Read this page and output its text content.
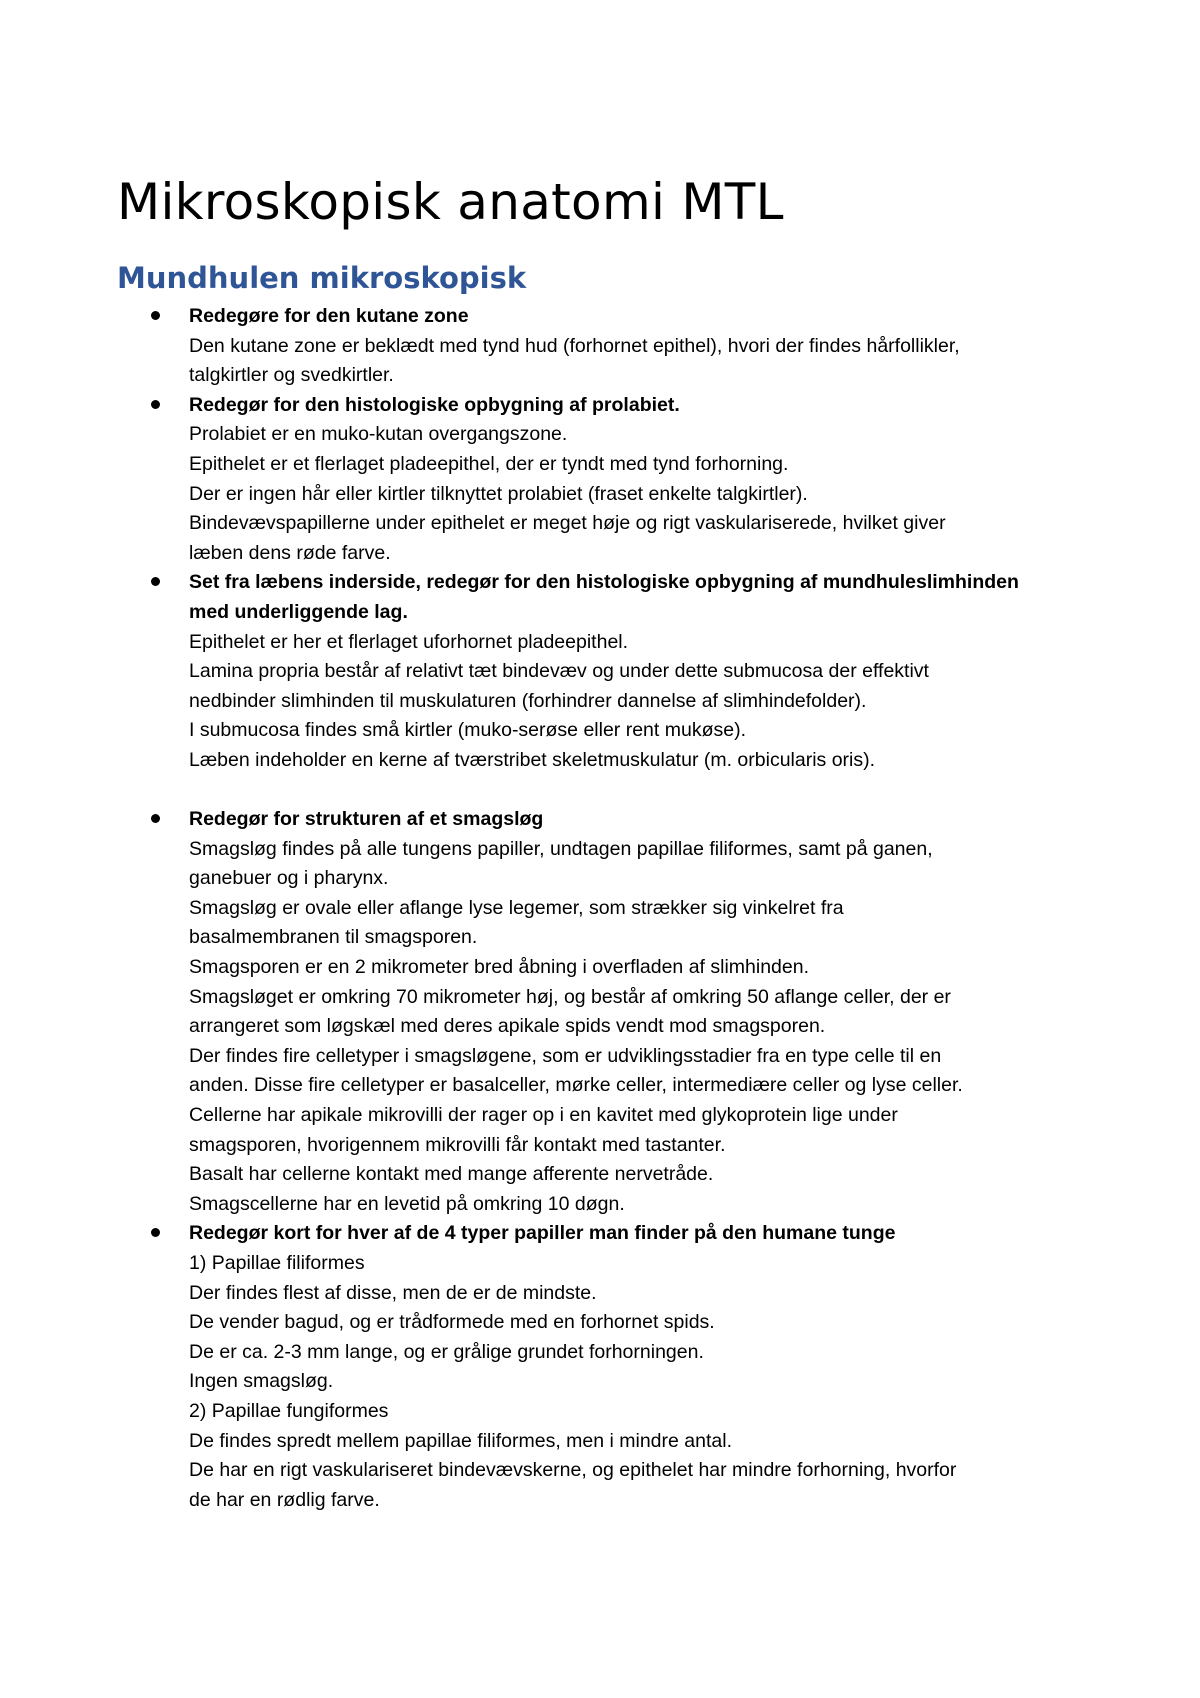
Mikroskopisk anatomi MTL
Mundhulen mikroskopisk
Redegøre for den kutane zone
Den kutane zone er beklædt med tynd hud (forhornet epithel), hvori der findes hårfollikler,
talgkirtler og svedkirtler.
Redegør for den histologiske opbygning af prolabiet.
Prolabiet er en muko-kutan overgangszone.
Epithelet er et flerlaget pladeepithel, der er tyndt med tynd forhorning.
Der er ingen hår eller kirtler tilknyttet prolabiet (fraset enkelte talgkirtler).
Bindevævspapillerne under epithelet er meget høje og rigt vaskulariserede, hvilket giver
læben dens røde farve.
Set fra læbens inderside, redegør for den histologiske opbygning af mundhuleslimhinden
med underliggende lag.
Epithelet er her et flerlaget uforhornet pladeepithel.
Lamina propria består af relativt tæt bindevæv og under dette submucosa der effektivt
nedbinder slimhinden til muskulaturen (forhindrer dannelse af slimhindefolder).
I submucosa findes små kirtler (muko-serøse eller rent mukøse).
Læben indeholder en kerne af tværstribet skeletmuskulatur (m. orbicularis oris).
Redegør for strukturen af et smagsløg
Smagsløg findes på alle tungens papiller, undtagen papillae filiformes, samt på ganen,
ganebuer og i pharynx.
Smagsløg er ovale eller aflange lyse legemer, som strækker sig vinkelret fra
basalmembranen til smagsporen.
Smagsporen er en 2 mikrometer bred åbning i overfladen af slimhinden.
Smagsløget er omkring 70 mikrometer høj, og består af omkring 50 aflange celler, der er
arrangeret som løgskæl med deres apikale spids vendt mod smagsporen.
Der findes fire celletyper i smagsløgene, som er udviklingsstadier fra en type celle til en
anden. Disse fire celletyper er basalceller, mørke celler, intermediære celler og lyse celler.
Cellerne har apikale mikrovilli der rager op i en kavitet med glykoprotein lige under
smagsporen, hvorigennem mikrovilli får kontakt med tastanter.
Basalt har cellerne kontakt med mange afferente nervetråde.
Smagscellerne har en levetid på omkring 10 døgn.
Redegør kort for hver af de 4 typer papiller man finder på den humane tunge
1) Papillae filiformes
Der findes flest af disse, men de er de mindste.
De vender bagud, og er trådformede med en forhornet spids.
De er ca. 2-3 mm lange, og er grålige grundet forhorningen.
Ingen smagsløg.
2) Papillae fungiformes
De findes spredt mellem papillae filiformes, men i mindre antal.
De har en rigt vaskulariseret bindevævskerne, og epithelet har mindre forhorning, hvorfor
de har en rødlig farve.
